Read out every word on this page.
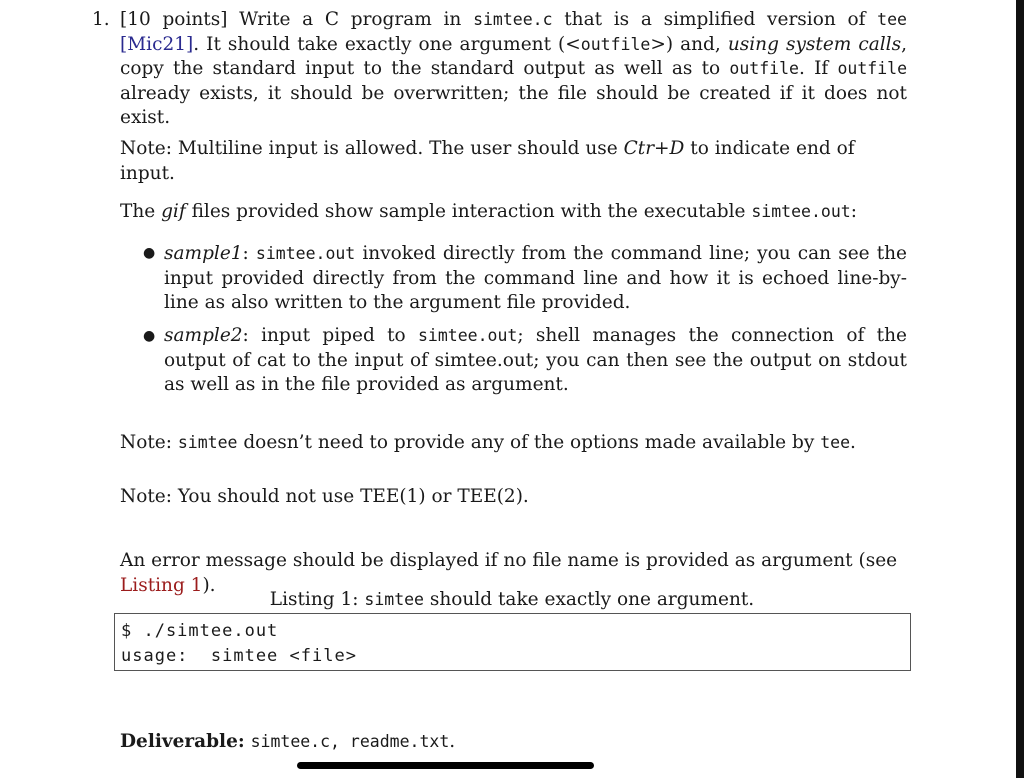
1. [10 points] Write a C program in simtee.c that is a simplified version of tee [Mic21]. It should take exactly one argument (<outfile>) and, using system calls, copy the standard input to the standard output as well as to outfile. If outfile already exists, it should be overwritten; the file should be created if it does not exist.

Note: Multiline input is allowed. The user should use Ctr+D to indicate end of input.

The gif files provided show sample interaction with the executable simtee.out:

● sample1: simtee.out invoked directly from the command line; you can see the input provided directly from the command line and how it is echoed line-by-line as also written to the argument file provided.

● sample2: input piped to simtee.out; shell manages the connection of the output of cat to the input of simtee.out; you can then see the output on stdout as well as in the file provided as argument.

Note: simtee doesn’t need to provide any of the options made available by tee.

Note: You should not use TEE(1) or TEE(2).

An error message should be displayed if no file name is provided as argument (see Listing 1).

Listing 1: simtee should take exactly one argument.
$ ./simtee.out
usage:  simtee <file>

Deliverable: simtee.c, readme.txt.
